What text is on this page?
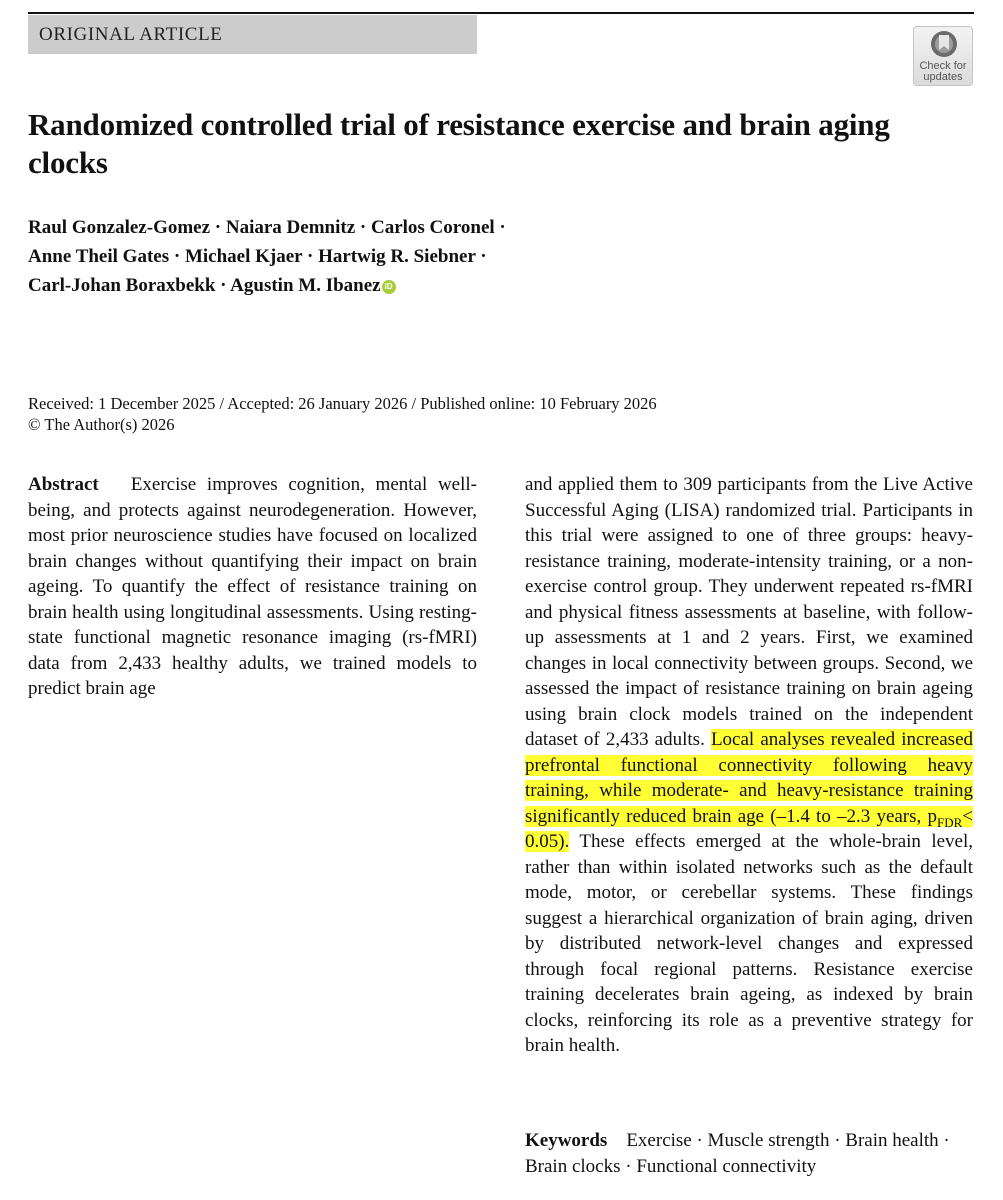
ORIGINAL ARTICLE
Check for
updates
Randomized controlled trial of resistance exercise and brain aging clocks
Raul Gonzalez-Gomez · Naiara Demnitz · Carlos Coronel ·
Anne Theil Gates · Michael Kjaer · Hartwig R. Siebner ·
Carl-Johan Boraxbekk · Agustin M. Ibanez iD
Received: 1 December 2025 / Accepted: 26 January 2026 / Published online: 10 February 2026
© The Author(s) 2026
Abstract Exercise improves cognition, mental well-being, and protects against neurodegeneration. However, most prior neuroscience studies have focused on localized brain changes without quantifying their impact on brain ageing. To quantify the effect of resistance training on brain health using longitudinal assessments. Using resting-state functional magnetic resonance imaging (rs-fMRI) data from 2,433 healthy adults, we trained models to predict brain age
and applied them to 309 participants from the Live Active Successful Aging (LISA) randomized trial. Participants in this trial were assigned to one of three groups: heavy-resistance training, moderate-intensity training, or a non-exercise control group. They underwent repeated rs-fMRI and physical fitness assessments at baseline, with follow-up assessments at 1 and 2 years. First, we examined changes in local connectivity between groups. Second, we assessed the impact of resistance training on brain ageing using brain clock models trained on the independent dataset of 2,433 adults. Local analyses revealed increased prefrontal functional connectivity following heavy training, while moderate- and heavy-resistance training significantly reduced brain age (–1.4 to –2.3 years, $p_{FDR}< 0.05$). These effects emerged at the whole-brain level, rather than within isolated networks such as the default mode, motor, or cerebellar systems. These findings suggest a hierarchical organization of brain aging, driven by distributed network-level changes and expressed through focal regional patterns. Resistance exercise training decelerates brain ageing, as indexed by brain clocks, reinforcing its role as a preventive strategy for brain health.
Keywords Exercise · Muscle strength · Brain health · Brain clocks · Functional connectivity
